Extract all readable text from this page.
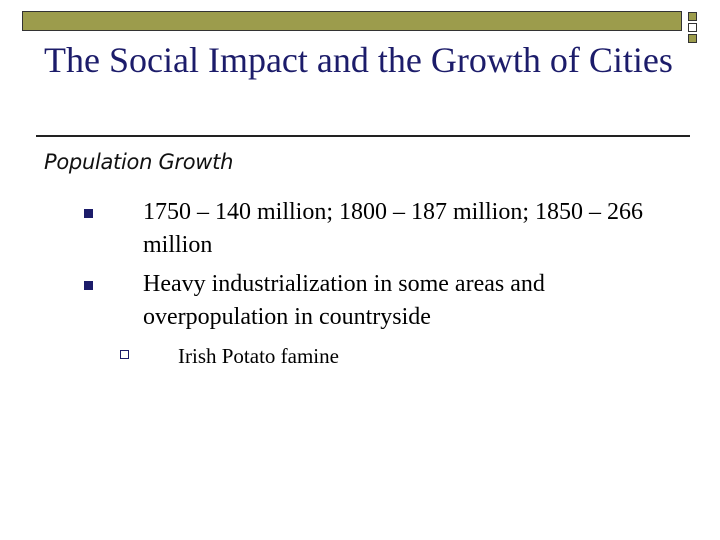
The Social Impact and the Growth of Cities
Population Growth
1750 – 140 million; 1800 – 187 million; 1850 – 266 million
Heavy industrialization in some areas and overpopulation in countryside
Irish Potato famine
